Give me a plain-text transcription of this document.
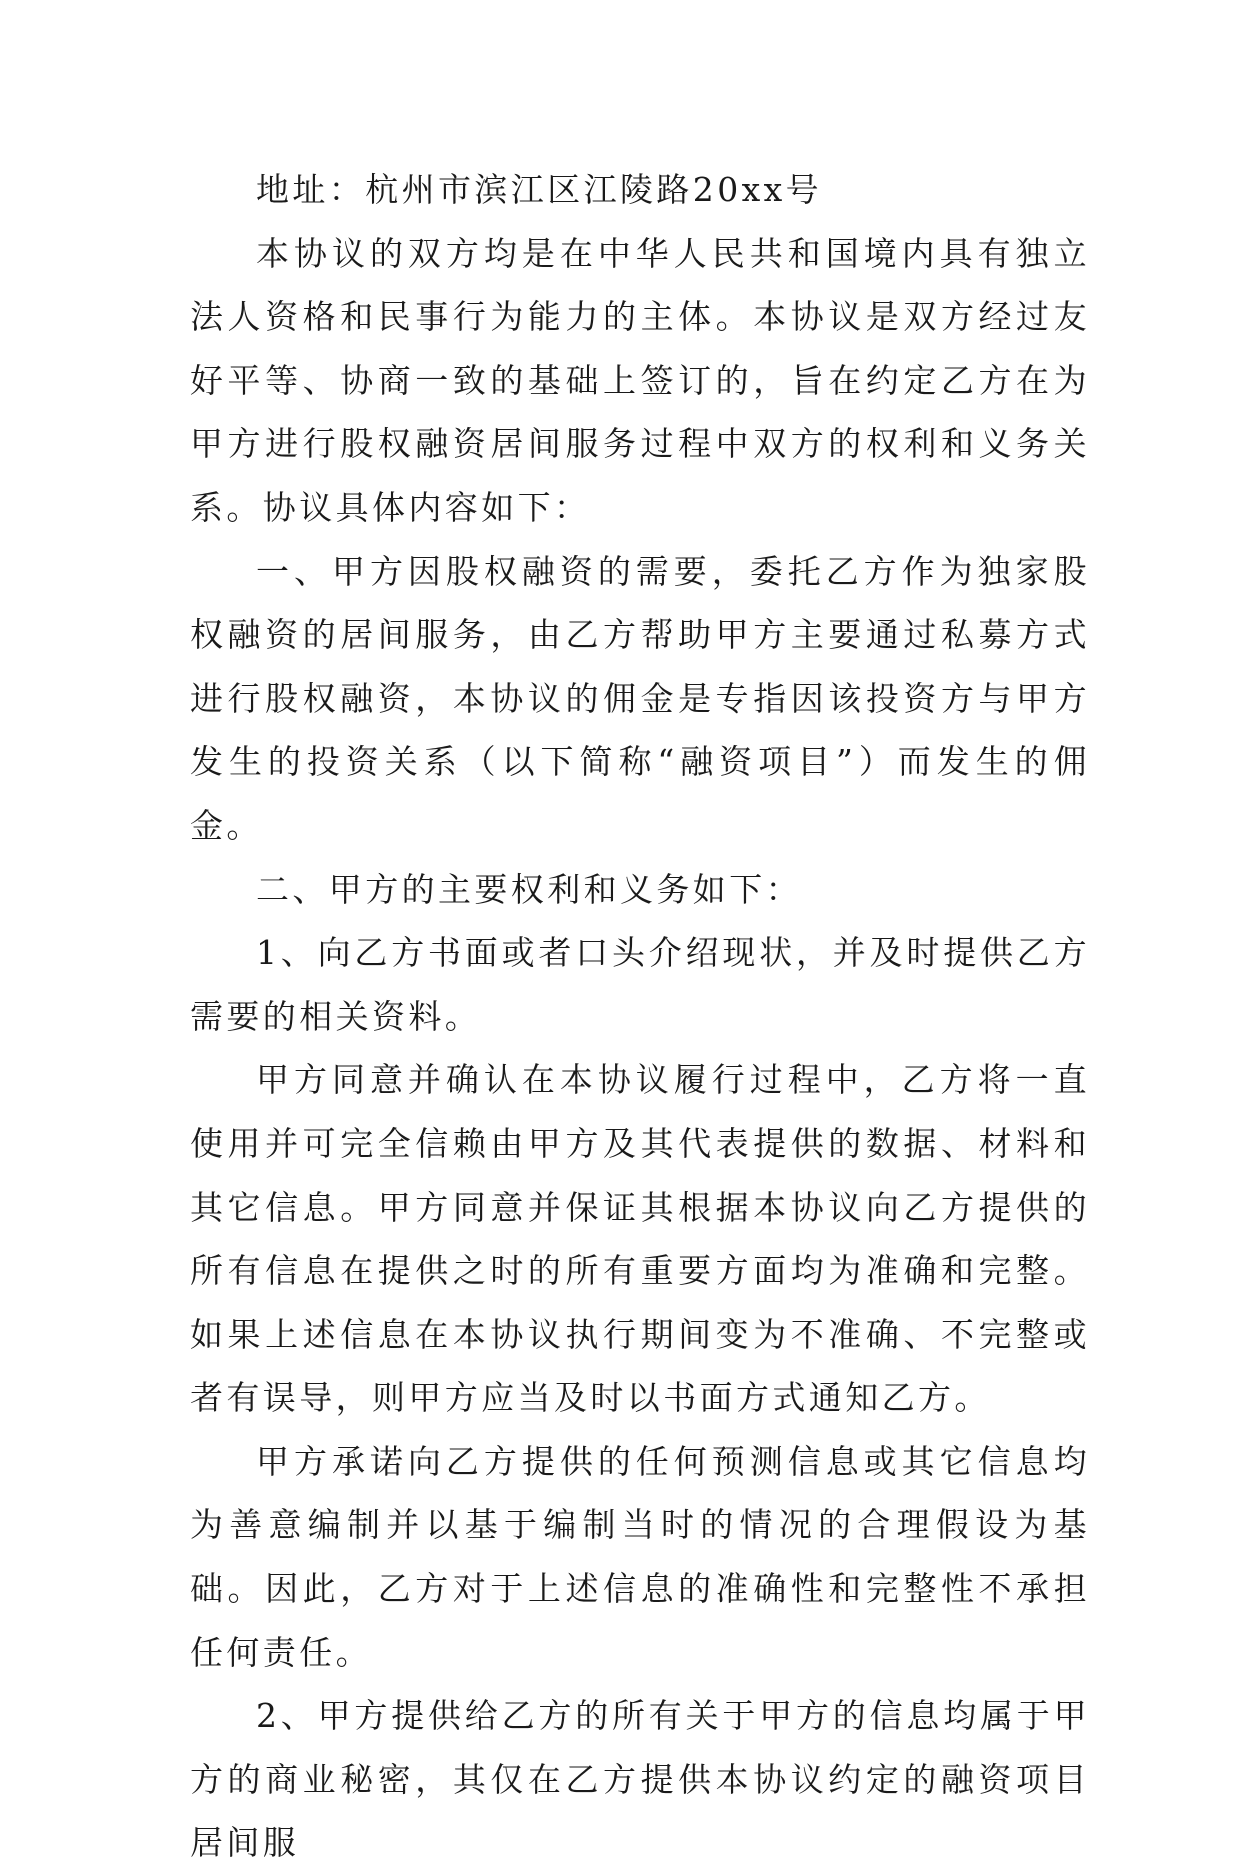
地址：杭州市滨江区江陵路20xx号

本协议的双方均是在中华人民共和国境内具有独立法人资格和民事行为能力的主体。本协议是双方经过友好平等、协商一致的基础上签订的，旨在约定乙方在为甲方进行股权融资居间服务过程中双方的权利和义务关系。协议具体内容如下：

一、甲方因股权融资的需要，委托乙方作为独家股权融资的居间服务，由乙方帮助甲方主要通过私募方式进行股权融资，本协议的佣金是专指因该投资方与甲方发生的投资关系（以下简称“融资项目”）而发生的佣金。

二、甲方的主要权利和义务如下：

1、向乙方书面或者口头介绍现状，并及时提供乙方需要的相关资料。

甲方同意并确认在本协议履行过程中，乙方将一直使用并可完全信赖由甲方及其代表提供的数据、材料和其它信息。甲方同意并保证其根据本协议向乙方提供的所有信息在提供之时的所有重要方面均为准确和完整。如果上述信息在本协议执行期间变为不准确、不完整或者有误导，则甲方应当及时以书面方式通知乙方。

甲方承诺向乙方提供的任何预测信息或其它信息均为善意编制并以基于编制当时的情况的合理假设为基础。因此，乙方对于上述信息的准确性和完整性不承担任何责任。

2、甲方提供给乙方的所有关于甲方的信息均属于甲方的商业秘密，其仅在乙方提供本协议约定的融资项目居间服
